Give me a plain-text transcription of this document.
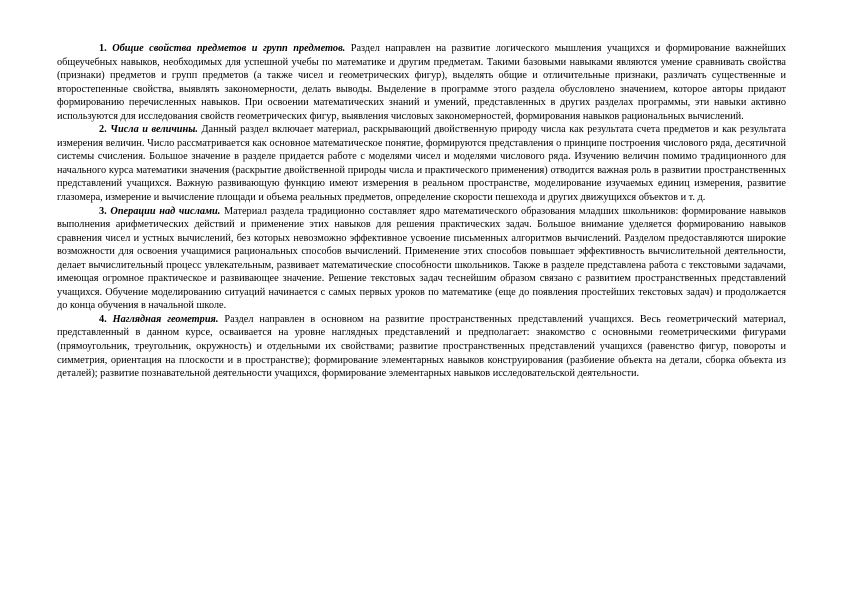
1. Общие свойства предметов и групп предметов. Раздел направлен на развитие логического мышления учащихся и формирование важнейших общеучебных навыков, необходимых для успешной учебы по математике и другим предметам. Такими базовыми навыками являются умение сравнивать свойства (признаки) предметов и групп предметов (а также чисел и геометрических фигур), выделять общие и отличительные признаки, различать существенные и второстепенные свойства, выявлять закономерности, делать выводы. Выделение в программе этого раздела обусловлено значением, которое авторы придают формированию перечисленных навыков. При освоении математических знаний и умений, представленных в других разделах программы, эти навыки активно используются для исследования свойств геометрических фигур, выявления числовых закономерностей, формирования навыков рациональных вычислений.

2. Числа и величины. Данный раздел включает материал, раскрывающий двойственную природу числа как результата счета предметов и как результата измерения величин. Число рассматривается как основное математическое понятие, формируются представления о принципе построения числового ряда, десятичной системы счисления. Большое значение в разделе придается работе с моделями чисел и моделями числового ряда. Изучению величин помимо традиционного для начального курса математики значения (раскрытие двойственной природы числа и практического применения) отводится важная роль в развитии пространственных представлений учащихся. Важную развивающую функцию имеют измерения в реальном пространстве, моделирование изучаемых единиц измерения, развитие глазомера, измерение и вычисление площади и объема реальных предметов, определение скорости пешехода и других движущихся объектов и т. д.

3. Операции над числами. Материал раздела традиционно составляет ядро математического образования младших школьников: формирование навыков выполнения арифметических действий и применение этих навыков для решения практических задач. Большое внимание уделяется формированию навыков сравнения чисел и устных вычислений, без которых невозможно эффективное усвоение письменных алгоритмов вычислений. Разделом предоставляются широкие возможности для освоения учащимися рациональных способов вычислений. Применение этих способов повышает эффективность вычислительной деятельности, делает вычислительный процесс увлекательным, развивает математические способности школьников. Также в разделе представлена работа с текстовыми задачами, имеющая огромное практическое и развивающее значение. Решение текстовых задач теснейшим образом связано с развитием пространственных представлений учащихся. Обучение моделированию ситуаций начинается с самых первых уроков по математике (еще до появления простейших текстовых задач) и продолжается до конца обучения в начальной школе.

4. Наглядная геометрия. Раздел направлен в основном на развитие пространственных представлений учащихся. Весь геометрический материал, представленный в данном курсе, осваивается на уровне наглядных представлений и предполагает: знакомство с основными геометрическими фигурами (прямоугольник, треугольник, окружность) и отдельными их свойствами; развитие пространственных представлений учащихся (равенство фигур, повороты и симметрия, ориентация на плоскости и в пространстве); формирование элементарных навыков конструирования (разбиение объекта на детали, сборка объекта из деталей); развитие познавательной деятельности учащихся, формирование элементарных навыков исследовательской деятельности.
